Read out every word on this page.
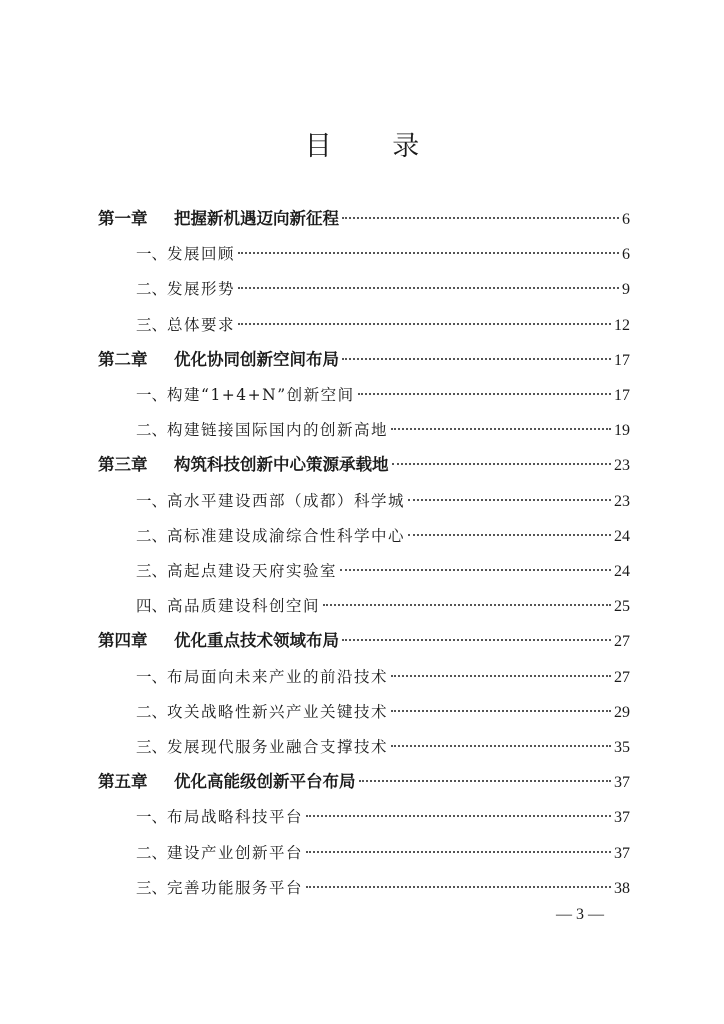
目 录
第一章	把握新机遇迈向新征程	6
一、 发展回顾	6
二、 发展形势	9
三、 总体要求	12
第二章	优化协同创新空间布局	17
一、 构建“1+4+N”创新空间	17
二、 构建链接国际国内的创新高地	19
第三章	构筑科技创新中心策源承载地	23
一、 高水平建设西部（成都）科学城	23
二、 高标准建设成渝综合性科学中心	24
三、 高起点建设天府实验室	24
四、 高品质建设科创空间	25
第四章	优化重点技术领域布局	27
一、 布局面向未来产业的前沿技术	27
二、 攻关战略性新兴产业关键技术	29
三、 发展现代服务业融合支撑技术	35
第五章	优化高能级创新平台布局	37
一、 布局战略科技平台	37
二、 建设产业创新平台	37
三、 完善功能服务平台	38
— 3 —
